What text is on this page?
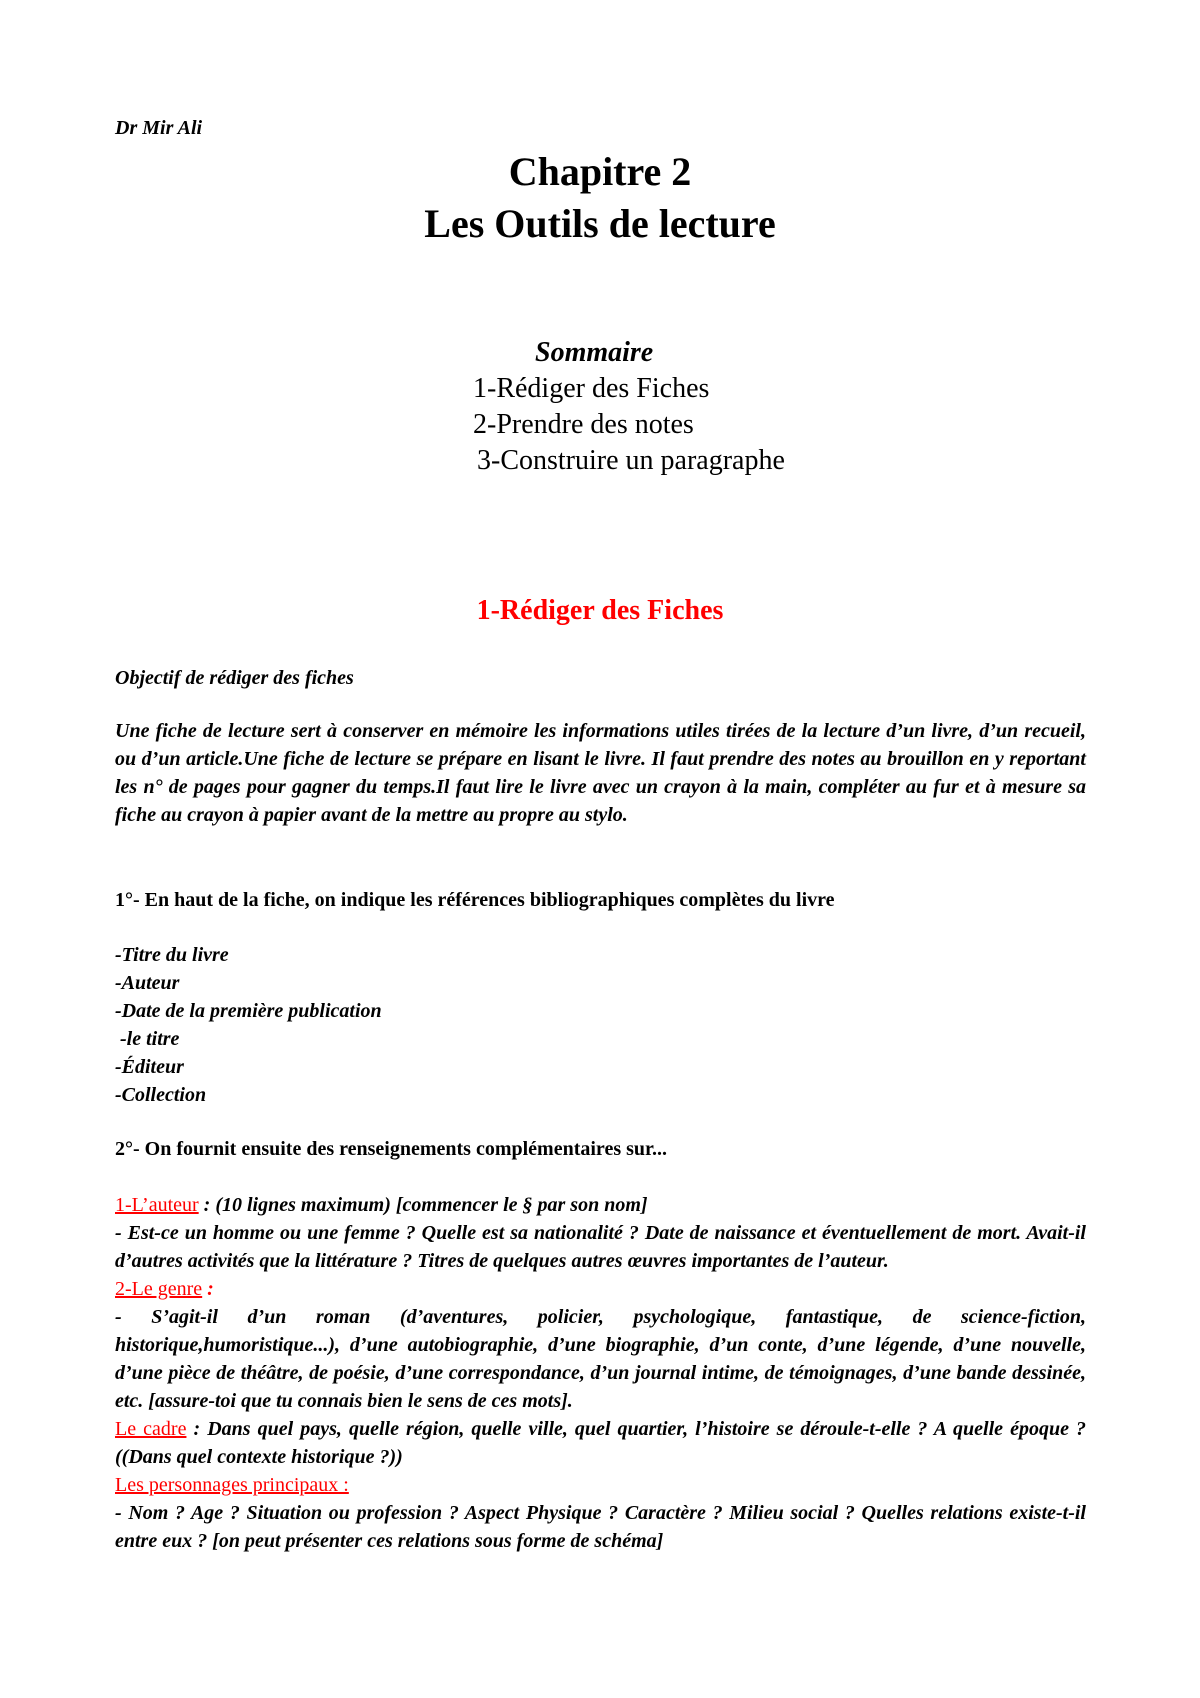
Dr Mir Ali
Chapitre 2
Les Outils de lecture
Sommaire
1-Rédiger des Fiches
2-Prendre des notes
3-Construire un paragraphe
1-Rédiger des Fiches
Objectif de rédiger des fiches
Une fiche de lecture sert à conserver en mémoire les informations utiles tirées de la lecture d’un livre, d’un recueil, ou d’un article.Une fiche de lecture se prépare en lisant le livre. Il faut prendre des notes au brouillon en y reportant les n° de pages pour gagner du temps.Il faut lire le livre avec un crayon à la main, compléter au fur et à mesure sa fiche au crayon à papier avant de la mettre au propre au stylo.
1°- En haut de la fiche, on indique les références bibliographiques complètes du livre
-Titre du livre
-Auteur
-Date de la première publication
-le titre
-Éditeur
-Collection
2°- On fournit ensuite des renseignements complémentaires sur...
1-L’auteur : (10 lignes maximum) [commencer le § par son nom]
- Est-ce un homme ou une femme ? Quelle est sa nationalité ? Date de naissance et éventuellement de mort. Avait-il d’autres activités que la littérature ? Titres de quelques autres œuvres importantes de l’auteur.
2-Le genre :
- S’agit-il d’un roman (d’aventures, policier, psychologique, fantastique, de science-fiction, historique,humoristique...), d’une autobiographie, d’une biographie, d’un conte, d’une légende, d’une nouvelle, d’une pièce de théâtre, de poésie, d’une correspondance, d’un journal intime, de témoignages, d’une bande dessinée, etc. [assure-toi que tu connais bien le sens de ces mots].
Le cadre : Dans quel pays, quelle région, quelle ville, quel quartier, l’histoire se déroule-t-elle ? A quelle époque ? ((Dans quel contexte historique ?))
Les personnages principaux :
- Nom ? Age ? Situation ou profession ? Aspect Physique ? Caractère ? Milieu social ? Quelles relations existe-t-il entre eux ? [on peut présenter ces relations sous forme de schéma]
